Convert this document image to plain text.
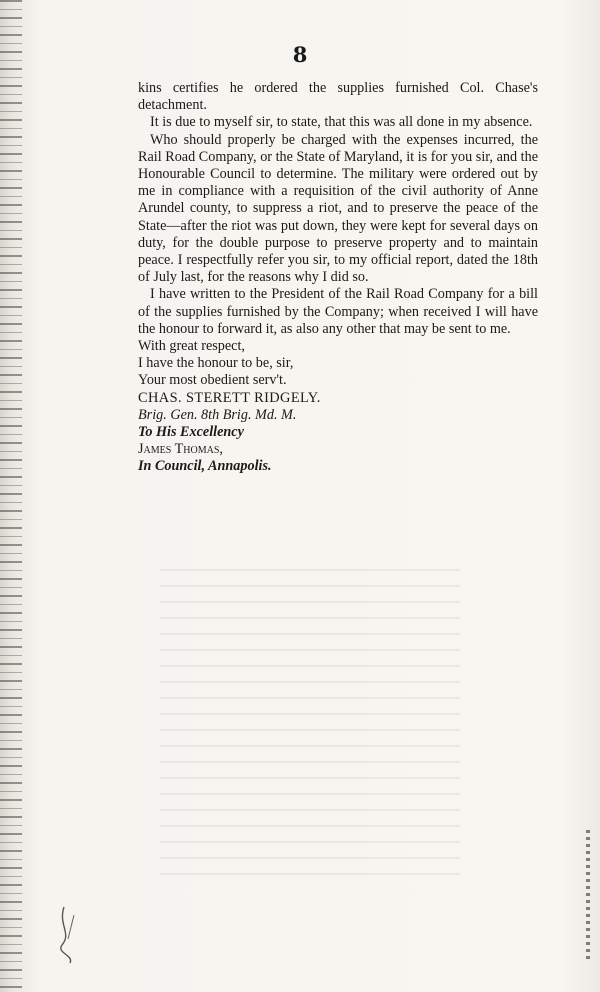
8

kins certifies he ordered the supplies furnished Col. Chase's detachment.

It is due to myself sir, to state, that this was all done in my absence.

Who should properly be charged with the expenses incurred, the Rail Road Company, or the State of Maryland, it is for you sir, and the Honourable Council to determine. The military were ordered out by me in compliance with a requisition of the civil authority of Anne Arundel county, to suppress a riot, and to preserve the peace of the State—after the riot was put down, they were kept for several days on duty, for the double purpose to preserve property and to maintain peace. I respectfully refer you sir, to my official report, dated the 18th of July last, for the reasons why I did so.

I have written to the President of the Rail Road Company for a bill of the supplies furnished by the Company; when received I will have the honour to forward it, as also any other that may be sent to me.

With great respect,

I have the honour to be, sir,

Your most obedient serv't.

CHAS. STERETT RIDGELY.

Brig. Gen. 8th Brig. Md. M.

To His Excellency

James Thomas,

In Council, Annapolis.
